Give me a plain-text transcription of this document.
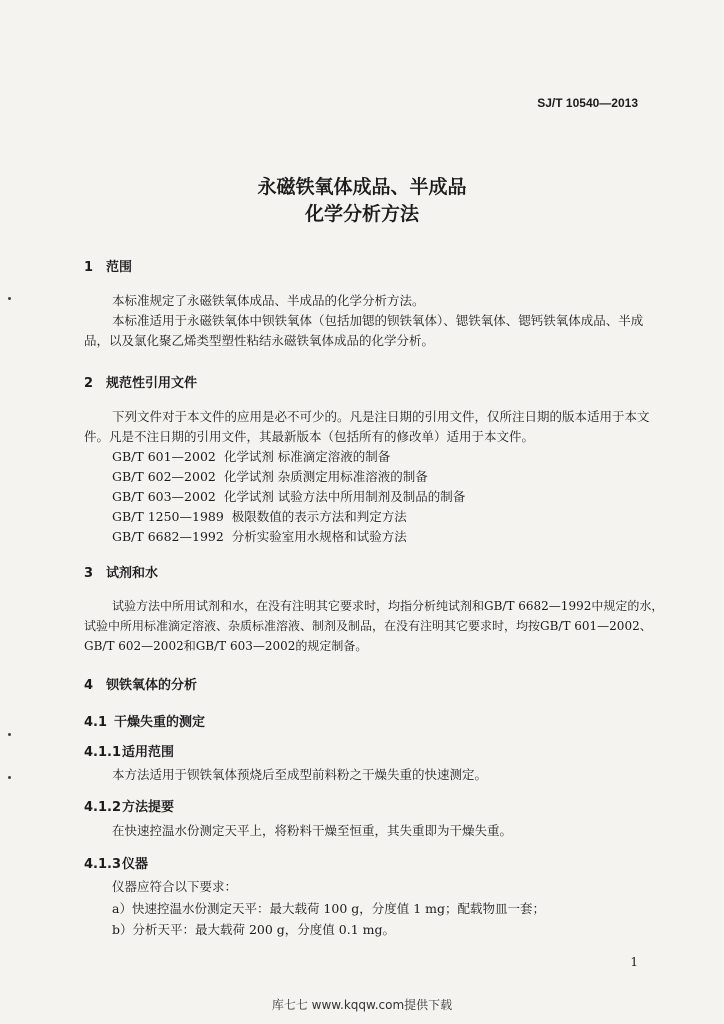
SJ/T 10540—2013
永磁铁氧体成品、半成品
化学分析方法
1 范围
本标准规定了永磁铁氧体成品、半成品的化学分析方法。
本标准适用于永磁铁氧体中钡铁氧体（包括加锶的钡铁氧体）、锶铁氧体、锶钙铁氧体成品、半成
品，以及氯化聚乙烯类型塑性粘结永磁铁氧体成品的化学分析。
2 规范性引用文件
下列文件对于本文件的应用是必不可少的。凡是注日期的引用文件，仅所注日期的版本适用于本文
件。凡是不注日期的引用文件，其最新版本（包括所有的修改单）适用于本文件。
GB/T 601—2002 化学试剂 标准滴定溶液的制备
GB/T 602—2002 化学试剂 杂质测定用标准溶液的制备
GB/T 603—2002 化学试剂 试验方法中所用制剂及制品的制备
GB/T 1250—1989 极限数值的表示方法和判定方法
GB/T 6682—1992 分析实验室用水规格和试验方法
3 试剂和水
试验方法中所用试剂和水，在没有注明其它要求时，均指分析纯试剂和GB/T 6682—1992中规定的水，
试验中所用标准滴定溶液、杂质标准溶液、制剂及制品，在没有注明其它要求时，均按GB/T 601—2002、
GB/T 602—2002和GB/T 603—2002的规定制备。
4 钡铁氧体的分析
4.1 干燥失重的测定
4.1.1适用范围
本方法适用于钡铁氧体预烧后至成型前料粉之干燥失重的快速测定。
4.1.2方法提要
在快速控温水份测定天平上，将粉料干燥至恒重，其失重即为干燥失重。
4.1.3仪器
仪器应符合以下要求：
a）快速控温水份测定天平：最大载荷 100 g，分度值 1 mg；配载物皿一套；
b）分析天平：最大载荷 200 g，分度值 0.1 mg。
1
库七七 www.kqqw.com提供下载
